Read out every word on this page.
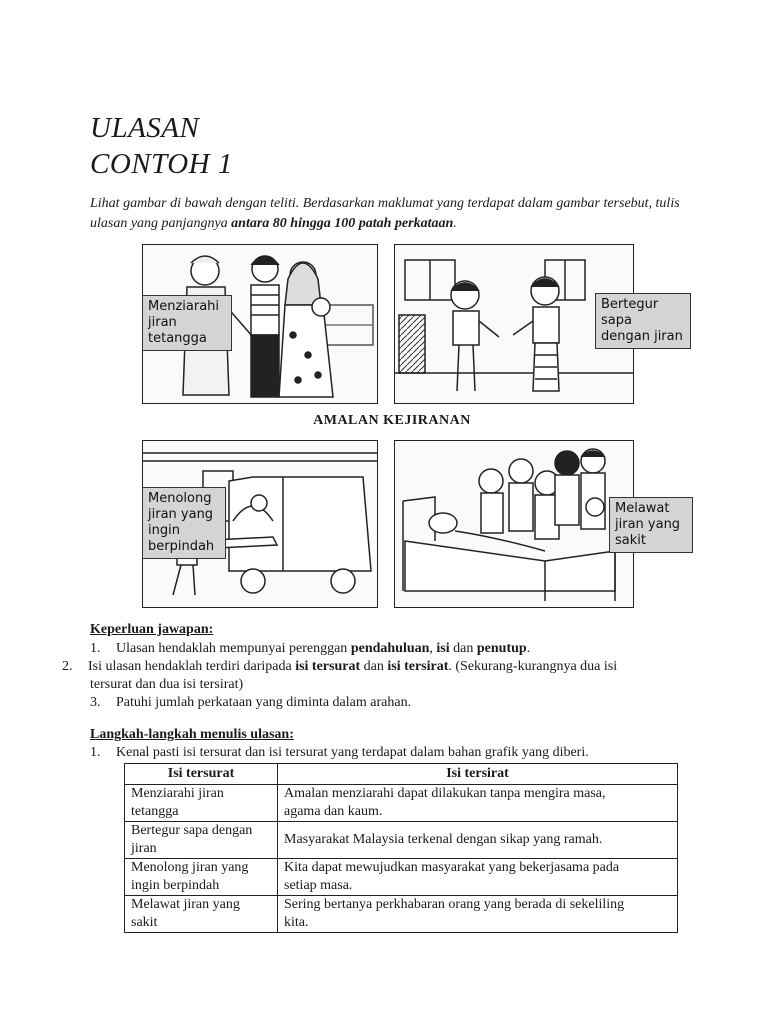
ULASAN
CONTOH 1
Lihat gambar di bawah dengan teliti. Berdasarkan maklumat yang terdapat dalam gambar tersebut, tulis ulasan yang panjangnya antara 80 hingga 100 patah perkataan.
Menziarahi jiran tetangga
Bertegur sapa dengan jiran
AMALAN KEJIRANAN
Menolong jiran yang ingin berpindah
Melawat jiran yang sakit
Keperluan jawapan:
1. Ulasan hendaklah mempunyai perenggan pendahuluan, isi dan penutup.
2. Isi ulasan hendaklah terdiri daripada isi tersurat dan isi tersirat. (Sekurang-kurangnya dua isi
tersurat dan dua isi tersirat)
3. Patuhi jumlah perkataan yang diminta dalam arahan.
Langkah-langkah menulis ulasan:
1. Kenal pasti isi tersurat dan isi tersurat yang terdapat dalam bahan grafik yang diberi.
Isi tersurat	Isi tersirat
Menziarahi jiran
tetangga	Amalan menziarahi dapat dilakukan tanpa mengira masa,
agama dan kaum.
Bertegur sapa dengan
jiran	Masyarakat Malaysia terkenal dengan sikap yang ramah.
Menolong jiran yang
ingin berpindah	Kita dapat mewujudkan masyarakat yang bekerjasama pada
setiap masa.
Melawat jiran yang
sakit	Sering bertanya perkhabaran orang yang berada di sekeliling
kita.
